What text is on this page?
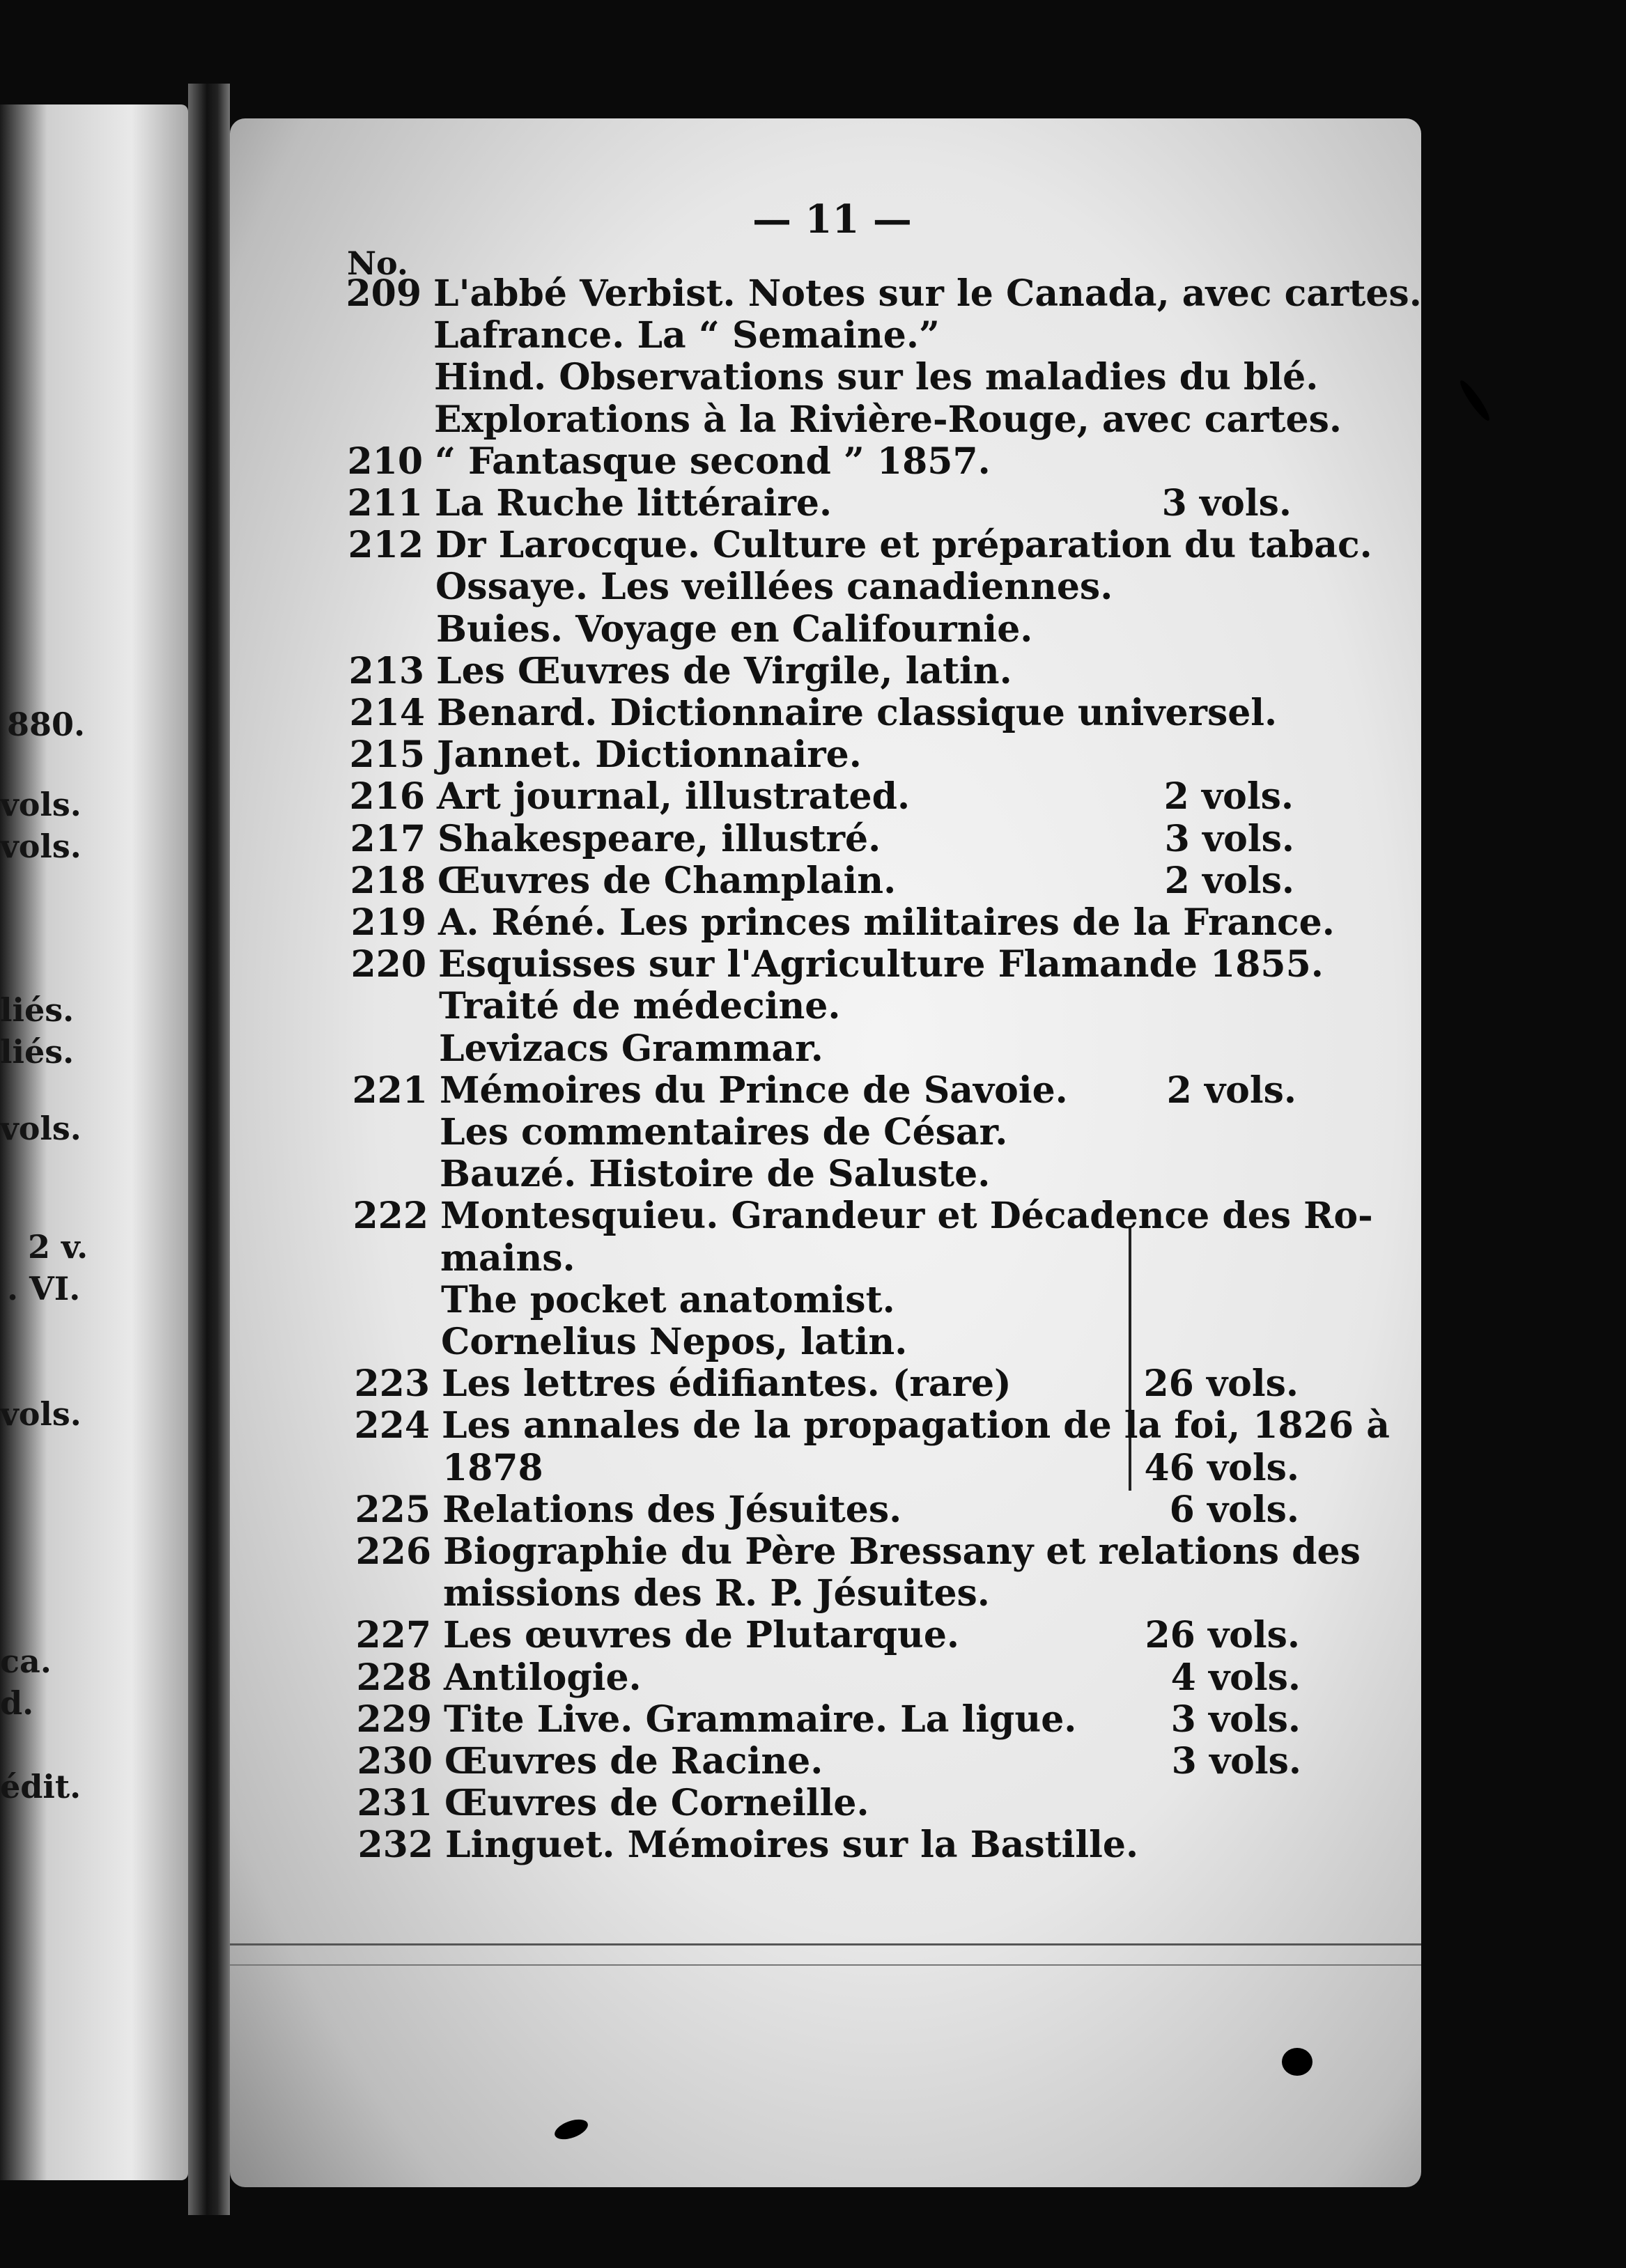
880.
vols.
vols.
liés.
liés.
vols.
2 v.
. VI.
vols.
ca.
d.
édit.
— 11 —
No.
209 L'abbé Verbist. Notes sur le Canada, avec cartes.
Lafrance. La “ Semaine.”
Hind. Observations sur les maladies du blé.
Explorations à la Rivière-Rouge, avec cartes.
210 “ Fantasque second ” 1857.
211 La Ruche littéraire.	3 vols.
212 Dr Larocque. Culture et préparation du tabac.
Ossaye. Les veillées canadiennes.
Buies. Voyage en Califournie.
213 Les Œuvres de Virgile, latin.
214 Benard. Dictionnaire classique universel.
215 Jannet. Dictionnaire.
216 Art journal, illustrated.	2 vols.
217 Shakespeare, illustré.	3 vols.
218 Œuvres de Champlain.	2 vols.
219 A. Réné. Les princes militaires de la France.
220 Esquisses sur l'Agriculture Flamande 1855.
Traité de médecine.
Levizacs Grammar.
221 Mémoires du Prince de Savoie.	2 vols.
Les commentaires de César.
Bauzé. Histoire de Saluste.
222 Montesquieu. Grandeur et Décadence des Ro-
mains.
The pocket anatomist.
Cornelius Nepos, latin.
223 Les lettres édifiantes. (rare)	26 vols.
224 Les annales de la propagation de la foi, 1826 à
1878	46 vols.
225 Relations des Jésuites.	6 vols.
226 Biographie du Père Bressany et relations des
missions des R. P. Jésuites.
227 Les œuvres de Plutarque.	26 vols.
228 Antilogie.	4 vols.
229 Tite Live. Grammaire. La ligue.	3 vols.
230 Œuvres de Racine.	3 vols.
231 Œuvres de Corneille.
232 Linguet. Mémoires sur la Bastille.
